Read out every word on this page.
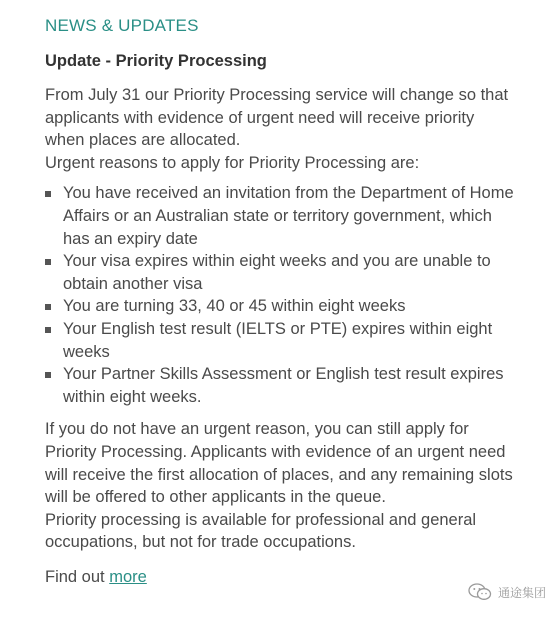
NEWS & UPDATES
Update - Priority Processing

From July 31 our Priority Processing service will change so that applicants with evidence of urgent need will receive priority when places are allocated.

Urgent reasons to apply for Priority Processing are:

You have received an invitation from the Department of Home Affairs or an Australian state or territory government, which has an expiry date
Your visa expires within eight weeks and you are unable to obtain another visa
You are turning 33, 40 or 45 within eight weeks
Your English test result (IELTS or PTE) expires within eight weeks
Your Partner Skills Assessment or English test result expires within eight weeks.

If you do not have an urgent reason, you can still apply for Priority Processing. Applicants with evidence of an urgent need will receive the first allocation of places, and any remaining slots will be offered to other applicants in the queue.

Priority processing is available for professional and general occupations, but not for trade occupations.

Find out more

通途集团
